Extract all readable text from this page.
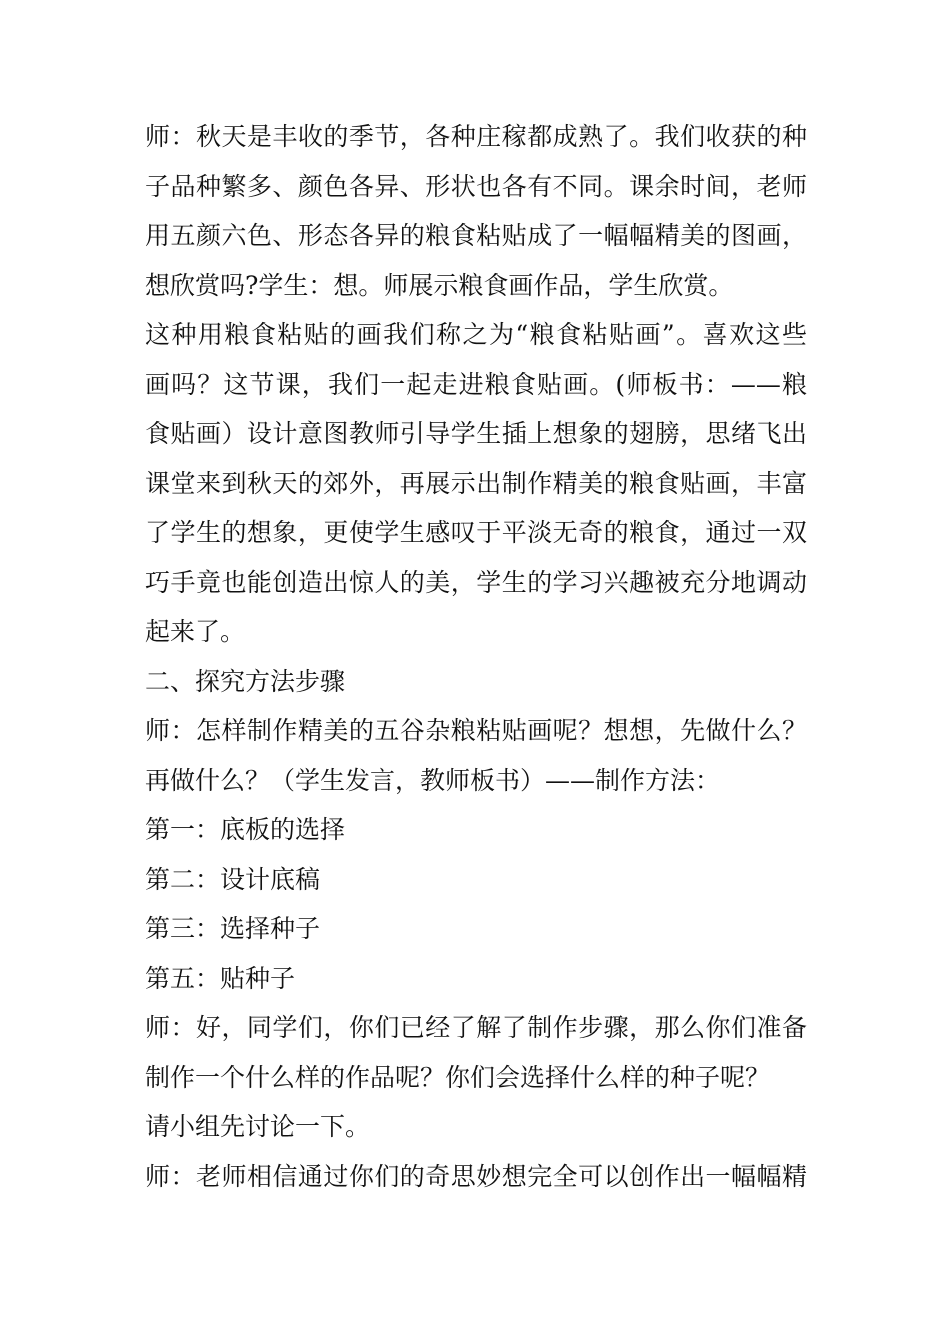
师：秋天是丰收的季节，各种庄稼都成熟了。我们收获的种
子品种繁多、颜色各异、形状也各有不同。课余时间，老师
用五颜六色、形态各异的粮食粘贴成了一幅幅精美的图画，
想欣赏吗?学生：想。师展示粮食画作品，学生欣赏。

这种用粮食粘贴的画我们称之为“粮食粘贴画”。喜欢这些
画吗？这节课，我们一起走进粮食贴画。(师板书：——粮
食贴画）设计意图教师引导学生插上想象的翅膀，思绪飞出
课堂来到秋天的郊外，再展示出制作精美的粮食贴画，丰富
了学生的想象，更使学生感叹于平淡无奇的粮食，通过一双
巧手竟也能创造出惊人的美，学生的学习兴趣被充分地调动
起来了。

二、探究方法步骤

师：怎样制作精美的五谷杂粮粘贴画呢？想想，先做什么？
再做什么？（学生发言，教师板书）——制作方法：

第一：底板的选择

第二：设计底稿

第三：选择种子

第五：贴种子

师：好，同学们，你们已经了解了制作步骤，那么你们准备
制作一个什么样的作品呢？你们会选择什么样的种子呢？
请小组先讨论一下。

师：老师相信通过你们的奇思妙想完全可以创作出一幅幅精
